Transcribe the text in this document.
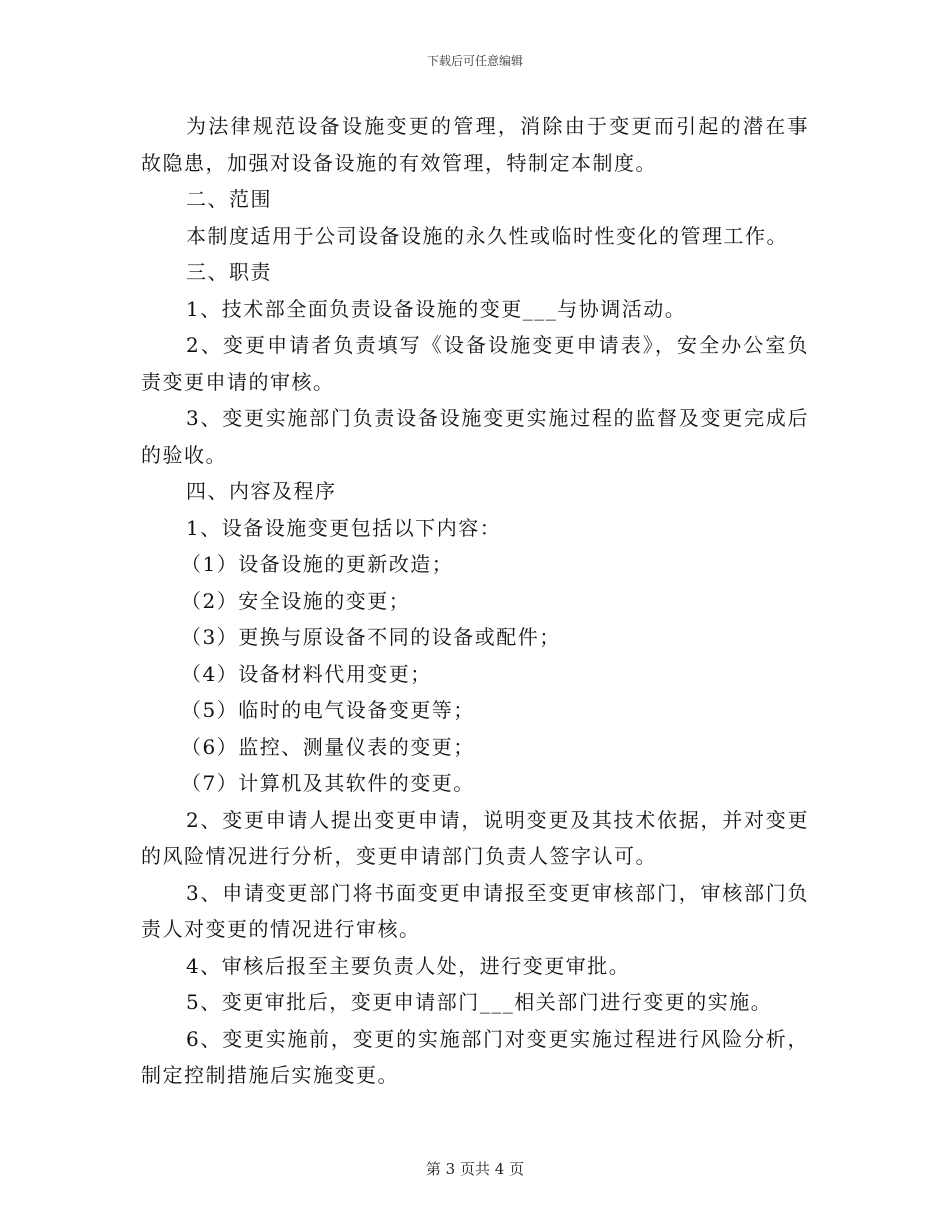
下载后可任意编辑

为法律规范设备设施变更的管理，消除由于变更而引起的潜在事故隐患，加强对设备设施的有效管理，特制定本制度。

二、范围

本制度适用于公司设备设施的永久性或临时性变化的管理工作。

三、职责

1、技术部全面负责设备设施的变更___与协调活动。

2、变更申请者负责填写《设备设施变更申请表》，安全办公室负责变更申请的审核。

3、变更实施部门负责设备设施变更实施过程的监督及变更完成后的验收。

四、内容及程序

1、设备设施变更包括以下内容：

（1）设备设施的更新改造；

（2）安全设施的变更；

（3）更换与原设备不同的设备或配件；

（4）设备材料代用变更；

（5）临时的电气设备变更等；

（6）监控、测量仪表的变更；

（7）计算机及其软件的变更。

2、变更申请人提出变更申请，说明变更及其技术依据，并对变更的风险情况进行分析，变更申请部门负责人签字认可。

3、申请变更部门将书面变更申请报至变更审核部门，审核部门负责人对变更的情况进行审核。

4、审核后报至主要负责人处，进行变更审批。

5、变更审批后，变更申请部门___相关部门进行变更的实施。

6、变更实施前，变更的实施部门对变更实施过程进行风险分析，制定控制措施后实施变更。

第 3 页共 4 页
